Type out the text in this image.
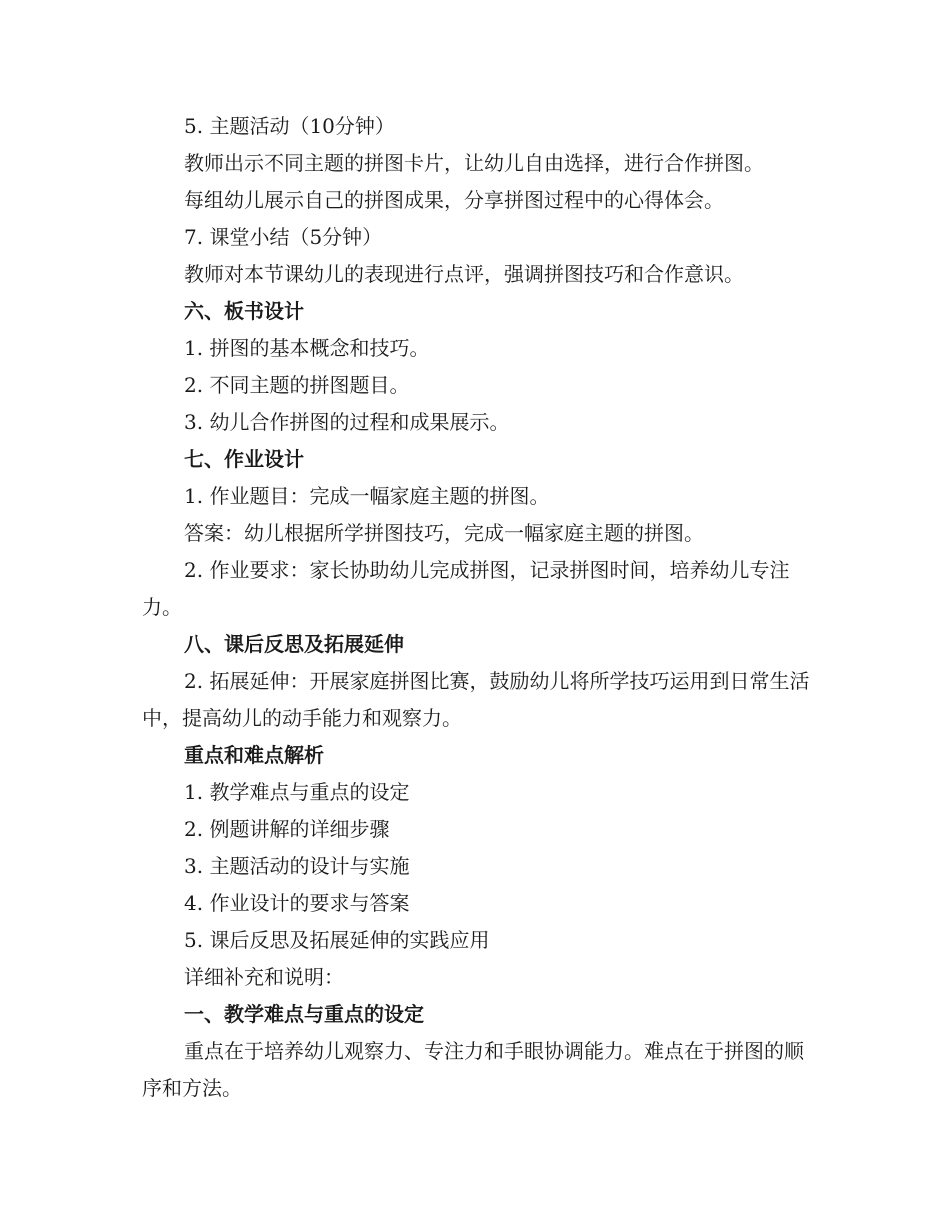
5. 主题活动（10分钟）

教师出示不同主题的拼图卡片，让幼儿自由选择，进行合作拼图。

每组幼儿展示自己的拼图成果，分享拼图过程中的心得体会。

7. 课堂小结（5分钟）

教师对本节课幼儿的表现进行点评，强调拼图技巧和合作意识。

六、板书设计

1. 拼图的基本概念和技巧。

2. 不同主题的拼图题目。

3. 幼儿合作拼图的过程和成果展示。

七、作业设计

1. 作业题目：完成一幅家庭主题的拼图。

答案：幼儿根据所学拼图技巧，完成一幅家庭主题的拼图。

2. 作业要求：家长协助幼儿完成拼图，记录拼图时间，培养幼儿专注力。

八、课后反思及拓展延伸

2. 拓展延伸：开展家庭拼图比赛，鼓励幼儿将所学技巧运用到日常生活中，提高幼儿的动手能力和观察力。

重点和难点解析

1. 教学难点与重点的设定

2. 例题讲解的详细步骤

3. 主题活动的设计与实施

4. 作业设计的要求与答案

5. 课后反思及拓展延伸的实践应用

详细补充和说明：

一、教学难点与重点的设定

重点在于培养幼儿观察力、专注力和手眼协调能力。难点在于拼图的顺序和方法。
